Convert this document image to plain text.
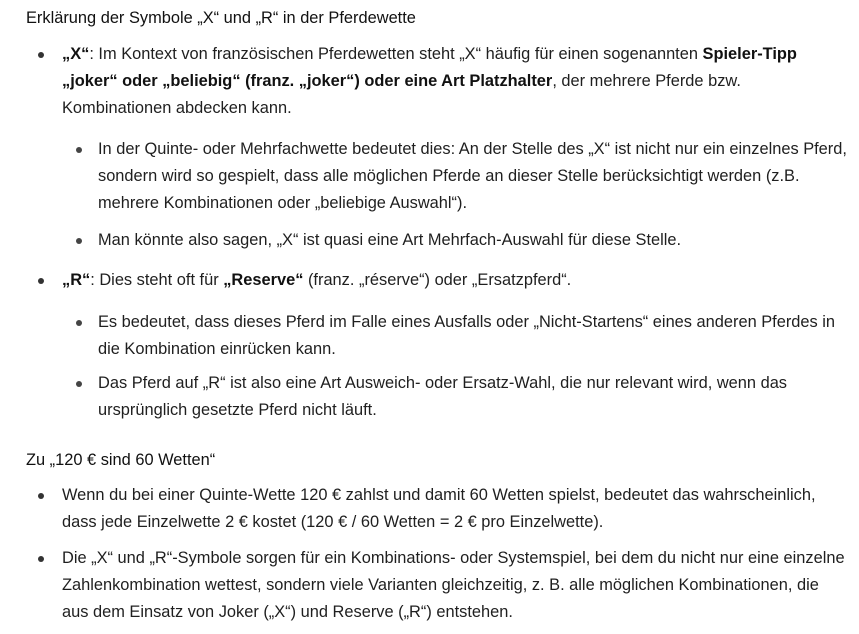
Erklärung der Symbole „X“ und „R“ in der Pferdewette
„X“: Im Kontext von französischen Pferdewetten steht „X“ häufig für einen sogenannten Spieler-Tipp „joker“ oder „beliebig“ (franz. „joker“) oder eine Art Platzhalter, der mehrere Pferde bzw. Kombinationen abdecken kann.
In der Quinte- oder Mehrfachwette bedeutet dies: An der Stelle des „X“ ist nicht nur ein einzelnes Pferd, sondern wird so gespielt, dass alle möglichen Pferde an dieser Stelle berücksichtigt werden (z.B. mehrere Kombinationen oder „beliebige Auswahl“).
Man könnte also sagen, „X“ ist quasi eine Art Mehrfach-Auswahl für diese Stelle.
„R“: Dies steht oft für „Reserve“ (franz. „réserve“) oder „Ersatzpferd“.
Es bedeutet, dass dieses Pferd im Falle eines Ausfalls oder „Nicht-Startens“ eines anderen Pferdes in die Kombination einrücken kann.
Das Pferd auf „R“ ist also eine Art Ausweich- oder Ersatz-Wahl, die nur relevant wird, wenn das ursprünglich gesetzte Pferd nicht läuft.
Zu „120 € sind 60 Wetten“
Wenn du bei einer Quinte-Wette 120 € zahlst und damit 60 Wetten spielst, bedeutet das wahrscheinlich, dass jede Einzelwette 2 € kostet (120 € / 60 Wetten = 2 € pro Einzelwette).
Die „X“ und „R“-Symbole sorgen für ein Kombinations- oder Systemspiel, bei dem du nicht nur eine einzelne Zahlenkombination wettest, sondern viele Varianten gleichzeitig, z. B. alle möglichen Kombinationen, die aus dem Einsatz von Joker („X“) und Reserve („R“) entstehen.
